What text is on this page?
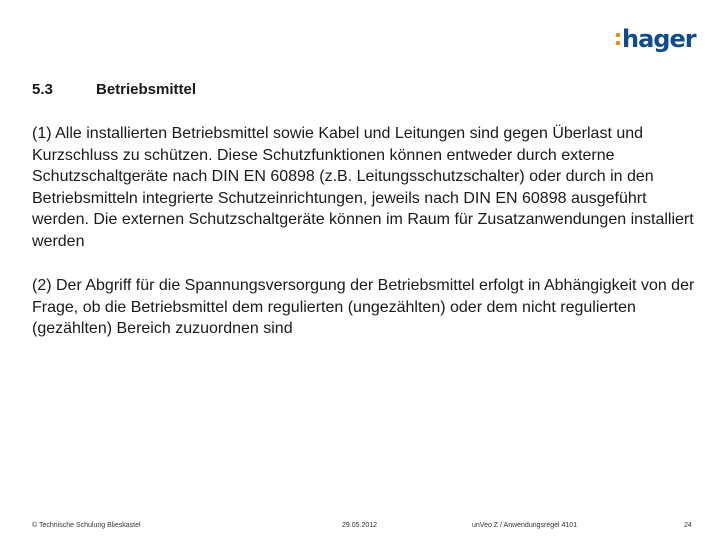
hager
5.3	Betriebsmittel

(1) Alle installierten Betriebsmittel sowie Kabel und Leitungen sind gegen Überlast und Kurzschluss zu schützen. Diese Schutzfunktionen können entweder durch externe Schutzschaltgeräte nach DIN EN 60898 (z.B. Leitungsschutzschalter) oder durch in den Betriebsmitteln integrierte Schutzeinrichtungen, jeweils nach DIN EN 60898 ausgeführt werden. Die externen Schutzschaltgeräte können im Raum für Zusatzanwendungen installiert werden

(2) Der Abgriff für die Spannungsversorgung der Betriebsmittel erfolgt in Abhängigkeit von der Frage, ob die Betriebsmittel dem regulierten (ungezählten) oder dem nicht regulierten (gezählten) Bereich zuzuordnen sind

© Technische Schulung Blieskastel	29.05.2012	unVeo Z / Anwendungsregel 4101	24
